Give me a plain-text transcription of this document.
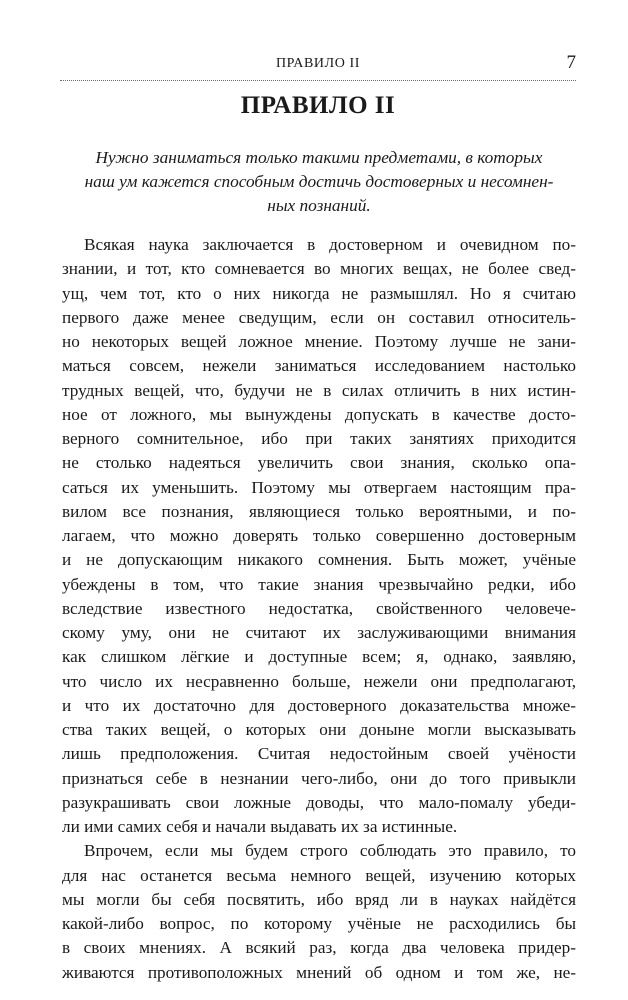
ПРАВИЛО II	7
ПРАВИЛО II
Нужно заниматься только такими предметами, в которых
наш ум кажется способным достичь достоверных и несомнен-
ных познаний.
Всякая наука заключается в достоверном и очевидном по-
знании, и тот, кто сомневается во многих вещах, не более свед-
ущ, чем тот, кто о них никогда не размышлял. Но я считаю
первого даже менее сведущим, если он составил относитель-
но некоторых вещей ложное мнение. Поэтому лучше не зани-
маться совсем, нежели заниматься исследованием настолько
трудных вещей, что, будучи не в силах отличить в них истин-
ное от ложного, мы вынуждены допускать в качестве досто-
верного сомнительное, ибо при таких занятиях приходится
не столько надеяться увеличить свои знания, сколько опа-
саться их уменьшить. Поэтому мы отвергаем настоящим пра-
вилом все познания, являющиеся только вероятными, и по-
лагаем, что можно доверять только совершенно достоверным
и не допускающим никакого сомнения. Быть может, учёные
убеждены в том, что такие знания чрезвычайно редки, ибо
вследствие известного недостатка, свойственного человече-
скому уму, они не считают их заслуживающими внимания
как слишком лёгкие и доступные всем; я, однако, заявляю,
что число их несравненно больше, нежели они предполагают,
и что их достаточно для достоверного доказательства множе-
ства таких вещей, о которых они доныне могли высказывать
лишь предположения. Считая недостойным своей учёности
признаться себе в незнании чего-либо, они до того привыкли
разукрашивать свои ложные доводы, что мало-помалу убеди-
ли ими самих себя и начали выдавать их за истинные.
Впрочем, если мы будем строго соблюдать это правило, то
для нас останется весьма немного вещей, изучению которых
мы могли бы себя посвятить, ибо вряд ли в науках найдётся
какой-либо вопрос, по которому учёные не расходились бы
в своих мнениях. А всякий раз, когда два человека придер-
живаются противоположных мнений об одном и том же, не-
